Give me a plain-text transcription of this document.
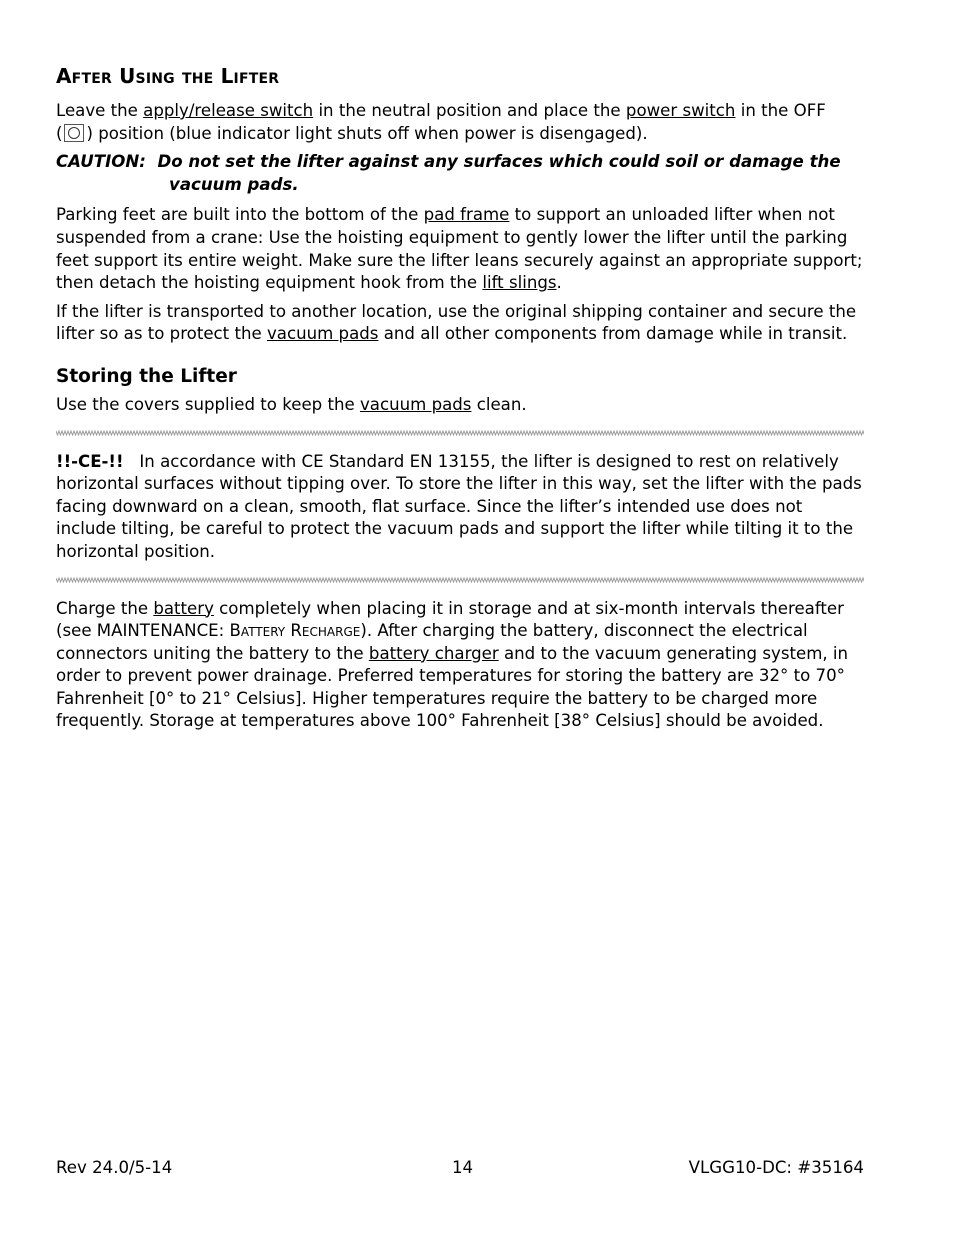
After Using the Lifter

Leave the apply/release switch in the neutral position and place the power switch in the OFF
( ) position (blue indicator light shuts off when power is disengaged).

CAUTION: Do not set the lifter against any surfaces which could soil or damage the vacuum pads.

Parking feet are built into the bottom of the pad frame to support an unloaded lifter when not suspended from a crane: Use the hoisting equipment to gently lower the lifter until the parking feet support its entire weight. Make sure the lifter leans securely against an appropriate support; then detach the hoisting equipment hook from the lift slings.

If the lifter is transported to another location, use the original shipping container and secure the lifter so as to protect the vacuum pads and all other components from damage while in transit.

Storing the Lifter

Use the covers supplied to keep the vacuum pads clean.

!!-CE-!! In accordance with CE Standard EN 13155, the lifter is designed to rest on relatively horizontal surfaces without tipping over. To store the lifter in this way, set the lifter with the pads facing downward on a clean, smooth, flat surface. Since the lifter’s intended use does not include tilting, be careful to protect the vacuum pads and support the lifter while tilting it to the horizontal position.

Charge the battery completely when placing it in storage and at six-month intervals thereafter (see MAINTENANCE: Battery Recharge). After charging the battery, disconnect the electrical connectors uniting the battery to the battery charger and to the vacuum generating system, in order to prevent power drainage. Preferred temperatures for storing the battery are 32° to 70° Fahrenheit [0° to 21° Celsius]. Higher temperatures require the battery to be charged more frequently. Storage at temperatures above 100° Fahrenheit [38° Celsius] should be avoided.

Rev 24.0/5-14	14	VLGG10-DC: #35164
